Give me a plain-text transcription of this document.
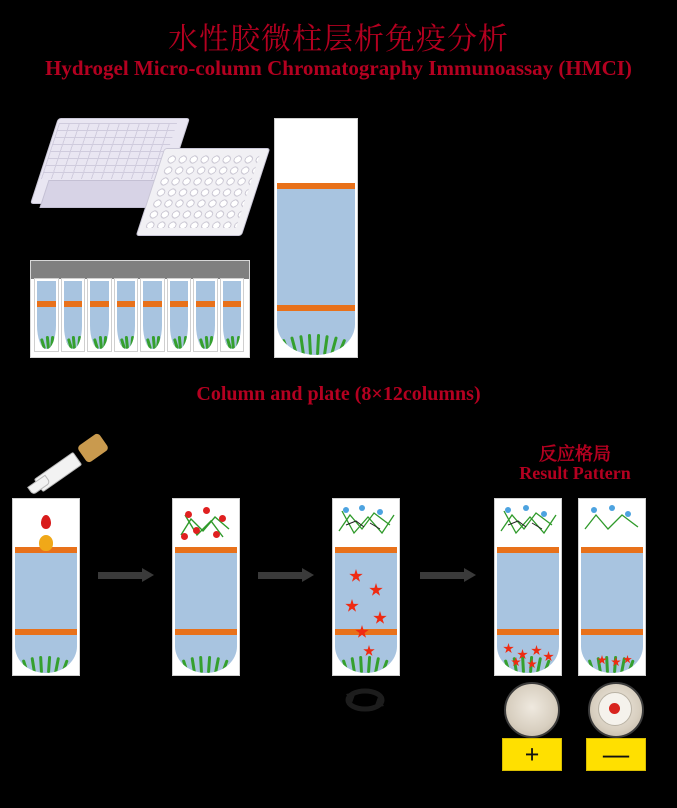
水性胶微柱层析免疫分析
Hydrogel Micro-column Chromatography Immunoassay (HMCI)
Column and plate (8×12columns)
反应格局
Result Pattern
+	—
